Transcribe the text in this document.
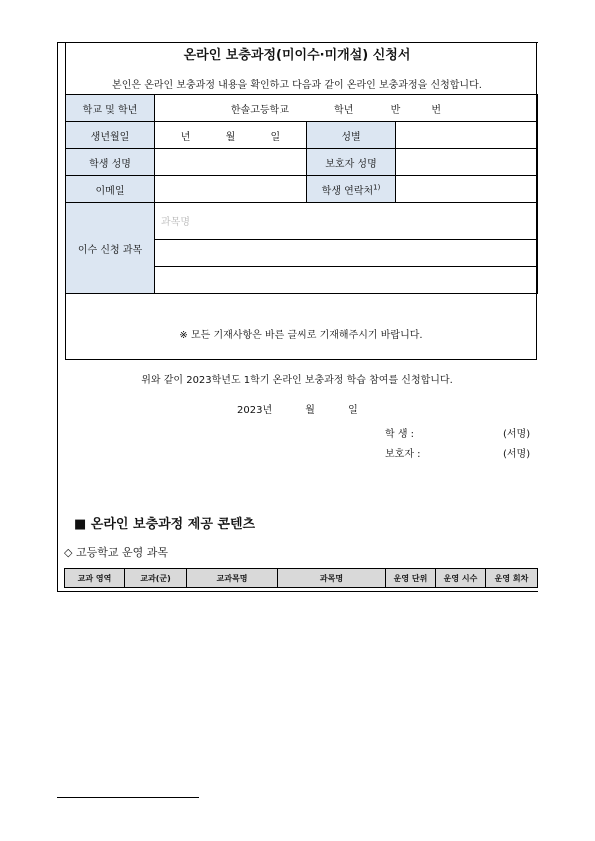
온라인 보충과정(미이수·미개설) 신청서
본인은 온라인 보충과정 내용을 확인하고 다음과 같이 온라인 보충과정을 신청합니다.
학교 및 학년	한솔고등학교 학년 반 번		
생년월일	년 월 일	성별	
학생 성명		보호자 성명	
이메일		학생 연락처$^{1)}$	
이수 신청 과목	과목명		

※ 모든 기재사항은 바른 글씨로 기재해주시기 바랍니다.
위와 같이 2023학년도 1학기 온라인 보충과정 학습 참여를 신청합니다.
2023년	월	일
학 생 :	(서명)
보호자 :	(서명)
■ 온라인 보충과정 제공 콘텐츠
◇ 고등학교 운영 과목
교과 영역	교과(군)	교과목명	과목명	운영 단위	운영 시수	운영 회차
